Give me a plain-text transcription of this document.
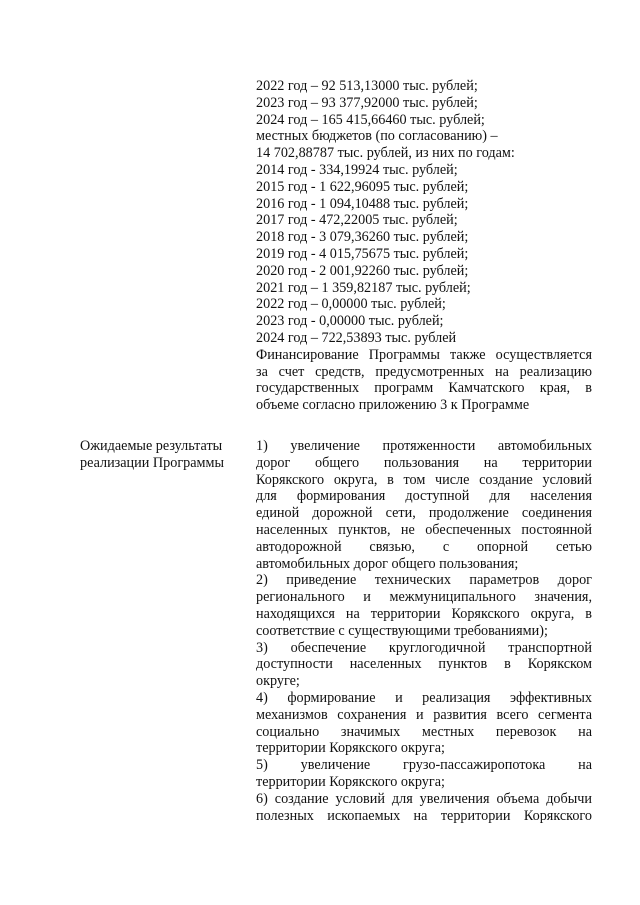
2022 год – 92 513,13000 тыс. рублей;
2023 год – 93 377,92000 тыс. рублей;
2024 год – 165 415,66460 тыс. рублей;
местных бюджетов (по согласованию) –
14 702,88787 тыс. рублей, из них по годам:
2014 год - 334,19924 тыс. рублей;
2015 год - 1 622,96095 тыс. рублей;
2016 год - 1 094,10488 тыс. рублей;
2017 год - 472,22005 тыс. рублей;
2018 год - 3 079,36260 тыс. рублей;
2019 год - 4 015,75675 тыс. рублей;
2020 год - 2 001,92260 тыс. рублей;
2021 год – 1 359,82187 тыс. рублей;
2022 год – 0,00000 тыс. рублей;
2023 год - 0,00000 тыс. рублей;
2024 год – 722,53893 тыс. рублей
Финансирование Программы также осуществляется
за счет средств, предусмотренных на реализацию
государственных программ Камчатского края, в
объеме согласно приложению 3 к Программе
Ожидаемые результаты
реализации Программы
1) увеличение протяженности автомобильных
дорог общего пользования на территории
Корякского округа, в том числе создание условий
для формирования доступной для населения
единой дорожной сети, продолжение соединения
населенных пунктов, не обеспеченных постоянной
автодорожной связью, с опорной сетью
автомобильных дорог общего пользования;
2) приведение технических параметров дорог
регионального и межмуниципального значения,
находящихся на территории Корякского округа, в
соответствие с существующими требованиями);
3) обеспечение круглогодичной транспортной
доступности населенных пунктов в Корякском
округе;
4) формирование и реализация эффективных
механизмов сохранения и развития всего сегмента
социально значимых местных перевозок на
территории Корякского округа;
5) увеличение грузо-пассажиропотока на
территории Корякского округа;
6) создание условий для увеличения объема добычи
полезных ископаемых на территории Корякского
